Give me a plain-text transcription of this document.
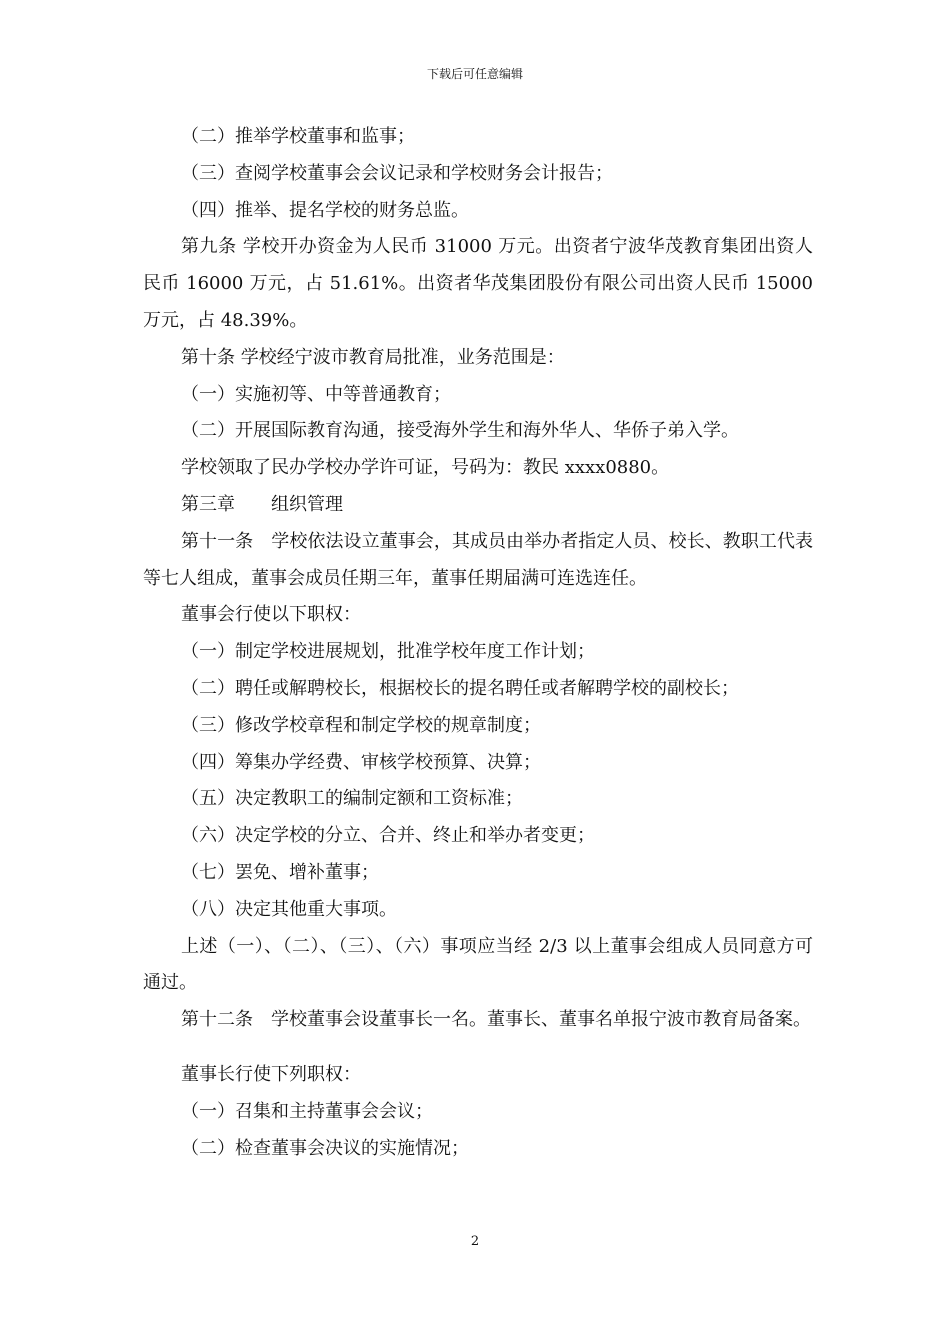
下载后可任意编辑

（二）推举学校董事和监事；

（三）查阅学校董事会会议记录和学校财务会计报告；

（四）推举、提名学校的财务总监。

第九条 学校开办资金为人民币 31000 万元。出资者宁波华茂教育集团出资人民币 16000 万元，占 51.61%。出资者华茂集团股份有限公司出资人民币 15000 万元，占 48.39%。

第十条 学校经宁波市教育局批准，业务范围是：

（一）实施初等、中等普通教育；

（二）开展国际教育沟通，接受海外学生和海外华人、华侨子弟入学。

学校领取了民办学校办学许可证，号码为：教民 xxxx0880。

第三章　　组织管理

第十一条　学校依法设立董事会，其成员由举办者指定人员、校长、教职工代表等七人组成，董事会成员任期三年，董事任期届满可连选连任。

董事会行使以下职权：

（一）制定学校进展规划，批准学校年度工作计划；

（二）聘任或解聘校长，根据校长的提名聘任或者解聘学校的副校长；

（三）修改学校章程和制定学校的规章制度；

（四）筹集办学经费、审核学校预算、决算；

（五）决定教职工的编制定额和工资标准；

（六）决定学校的分立、合并、终止和举办者变更；

（七）罢免、增补董事；

（八）决定其他重大事项。

上述（一）、（二）、（三）、（六）事项应当经 2/3 以上董事会组成人员同意方可通过。

第十二条　学校董事会设董事长一名。董事长、董事名单报宁波市教育局备案。

董事长行使下列职权：

（一）召集和主持董事会会议；

（二）检查董事会决议的实施情况；

2
